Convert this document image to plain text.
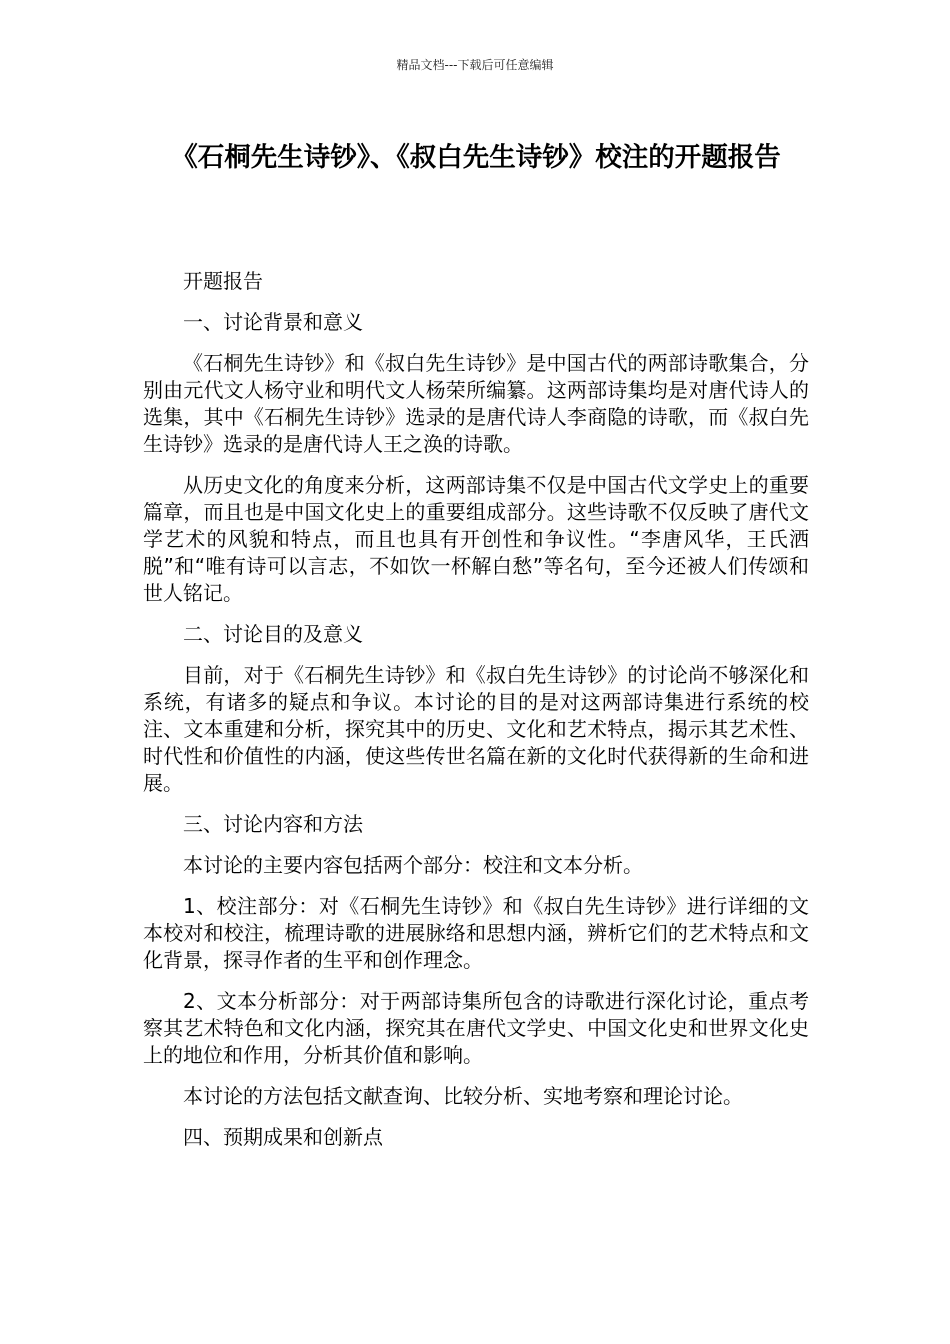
精品文档---下载后可任意编辑
《石桐先生诗钞》、《叔白先生诗钞》校注的开题报告

开题报告

一、讨论背景和意义

《石桐先生诗钞》和《叔白先生诗钞》是中国古代的两部诗歌集合，分别由元代文人杨守业和明代文人杨荣所编纂。这两部诗集均是对唐代诗人的选集，其中《石桐先生诗钞》选录的是唐代诗人李商隐的诗歌，而《叔白先生诗钞》选录的是唐代诗人王之涣的诗歌。

从历史文化的角度来分析，这两部诗集不仅是中国古代文学史上的重要篇章，而且也是中国文化史上的重要组成部分。这些诗歌不仅反映了唐代文学艺术的风貌和特点，而且也具有开创性和争议性。“李唐风华，王氏洒脱”和“唯有诗可以言志，不如饮一杯解白愁”等名句，至今还被人们传颂和世人铭记。

二、讨论目的及意义

目前，对于《石桐先生诗钞》和《叔白先生诗钞》的讨论尚不够深化和系统，有诸多的疑点和争议。本讨论的目的是对这两部诗集进行系统的校注、文本重建和分析，探究其中的历史、文化和艺术特点，揭示其艺术性、时代性和价值性的内涵，使这些传世名篇在新的文化时代获得新的生命和进展。

三、讨论内容和方法

本讨论的主要内容包括两个部分：校注和文本分析。

1、校注部分：对《石桐先生诗钞》和《叔白先生诗钞》进行详细的文本校对和校注，梳理诗歌的进展脉络和思想内涵，辨析它们的艺术特点和文化背景，探寻作者的生平和创作理念。

2、文本分析部分：对于两部诗集所包含的诗歌进行深化讨论，重点考察其艺术特色和文化内涵，探究其在唐代文学史、中国文化史和世界文化史上的地位和作用，分析其价值和影响。

本讨论的方法包括文献查询、比较分析、实地考察和理论讨论。

四、预期成果和创新点
